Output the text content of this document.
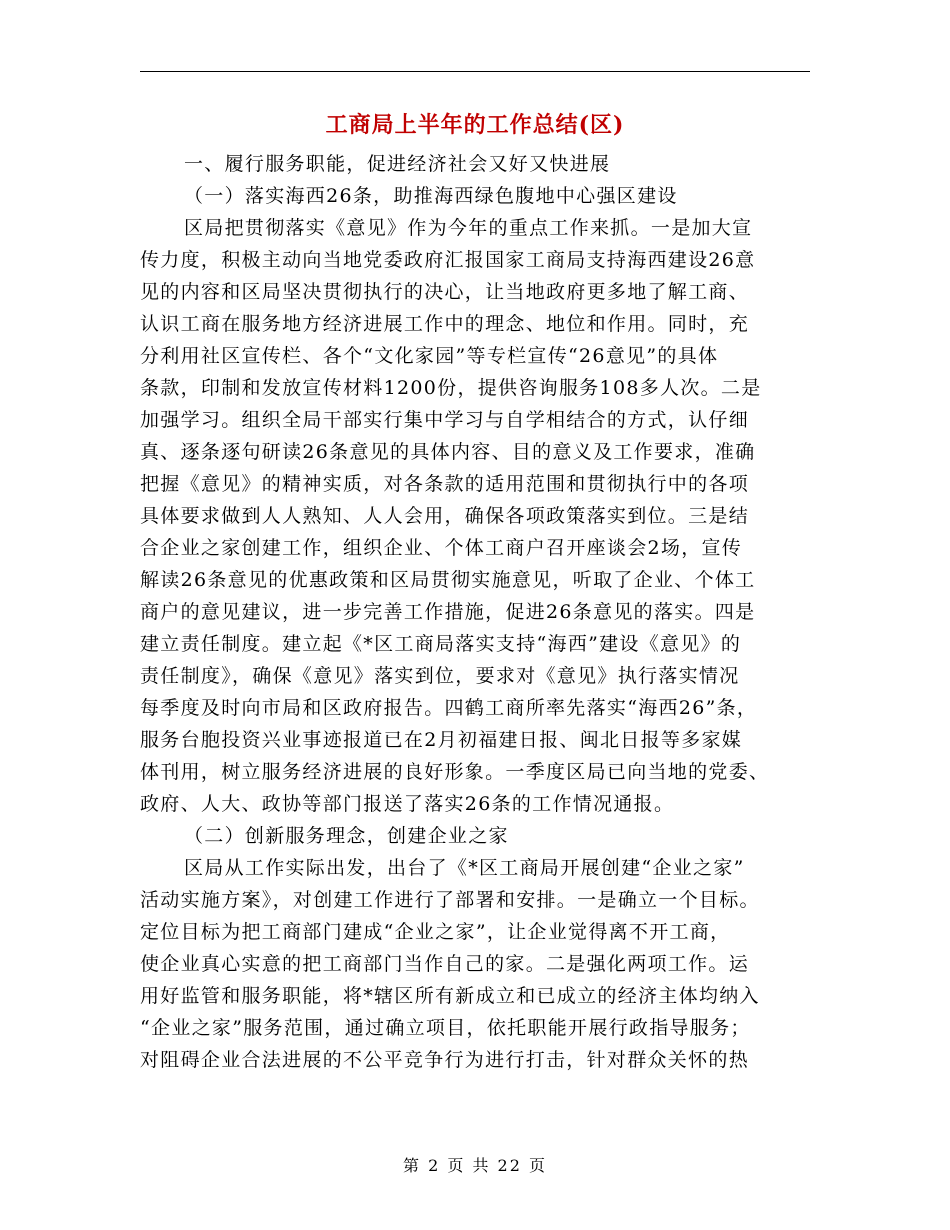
工商局上半年的工作总结(区)
一、履行服务职能，促进经济社会又好又快进展
（一）落实海西26条，助推海西绿色腹地中心强区建设
区局把贯彻落实《意见》作为今年的重点工作来抓。一是加大宣
传力度，积极主动向当地党委政府汇报国家工商局支持海西建设26意
见的内容和区局坚决贯彻执行的决心，让当地政府更多地了解工商、
认识工商在服务地方经济进展工作中的理念、地位和作用。同时，充
分利用社区宣传栏、各个“文化家园”等专栏宣传“26意见”的具体
条款，印制和发放宣传材料1200份，提供咨询服务108多人次。二是
加强学习。组织全局干部实行集中学习与自学相结合的方式，认仔细
真、逐条逐句研读26条意见的具体内容、目的意义及工作要求，准确
把握《意见》的精神实质，对各条款的适用范围和贯彻执行中的各项
具体要求做到人人熟知、人人会用，确保各项政策落实到位。三是结
合企业之家创建工作，组织企业、个体工商户召开座谈会2场，宣传
解读26条意见的优惠政策和区局贯彻实施意见，听取了企业、个体工
商户的意见建议，进一步完善工作措施，促进26条意见的落实。四是
建立责任制度。建立起《*区工商局落实支持“海西”建设《意见》的
责任制度》，确保《意见》落实到位，要求对《意见》执行落实情况
每季度及时向市局和区政府报告。四鹤工商所率先落实“海西26”条，
服务台胞投资兴业事迹报道已在2月初福建日报、闽北日报等多家媒
体刊用，树立服务经济进展的良好形象。一季度区局已向当地的党委、
政府、人大、政协等部门报送了落实26条的工作情况通报。
（二）创新服务理念，创建企业之家
区局从工作实际出发，出台了《*区工商局开展创建“企业之家”
活动实施方案》，对创建工作进行了部署和安排。一是确立一个目标。
定位目标为把工商部门建成“企业之家”，让企业觉得离不开工商，
使企业真心实意的把工商部门当作自己的家。二是强化两项工作。运
用好监管和服务职能，将*辖区所有新成立和已成立的经济主体均纳入
“企业之家”服务范围，通过确立项目，依托职能开展行政指导服务；
对阻碍企业合法进展的不公平竞争行为进行打击，针对群众关怀的热
第 2 页 共 22 页
